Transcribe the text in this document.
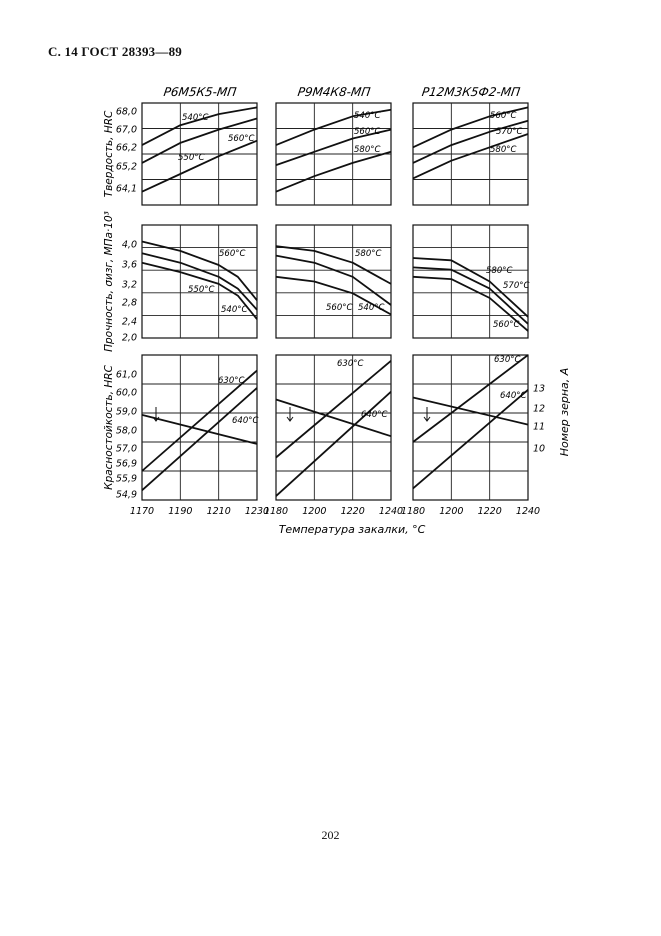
С. 14 ГОСТ 28393—89
Р6М5К5-МП	Р9М4К8-МП	Р12М3К5Ф2-МП
Твердость, HRC
Прочность, σизг, МПа·10³
Красностойкость, HRC
64,1
65,2
66,2
67,0
68,0
540°С
550°С
560°С
540°С
560°С
580°С
560°С
570°С
580°С
2,0
2,4
2,8
3,2
3,6
4,0
560°С
550°С
540°С
580°С
560°С 540°С
580°С
570°С
560°С
54,9
55,9
56,9
57,0
58,0
59,0
60,0
61,0
1170 1190 1210 1230
630°С
640°С
1180 1200 1220 1240
630°С
640°С
10
11
12
13
1180 1200 1220 1240
630°С
640°С
Температура закалки, °С
Номер зерна, А
202
